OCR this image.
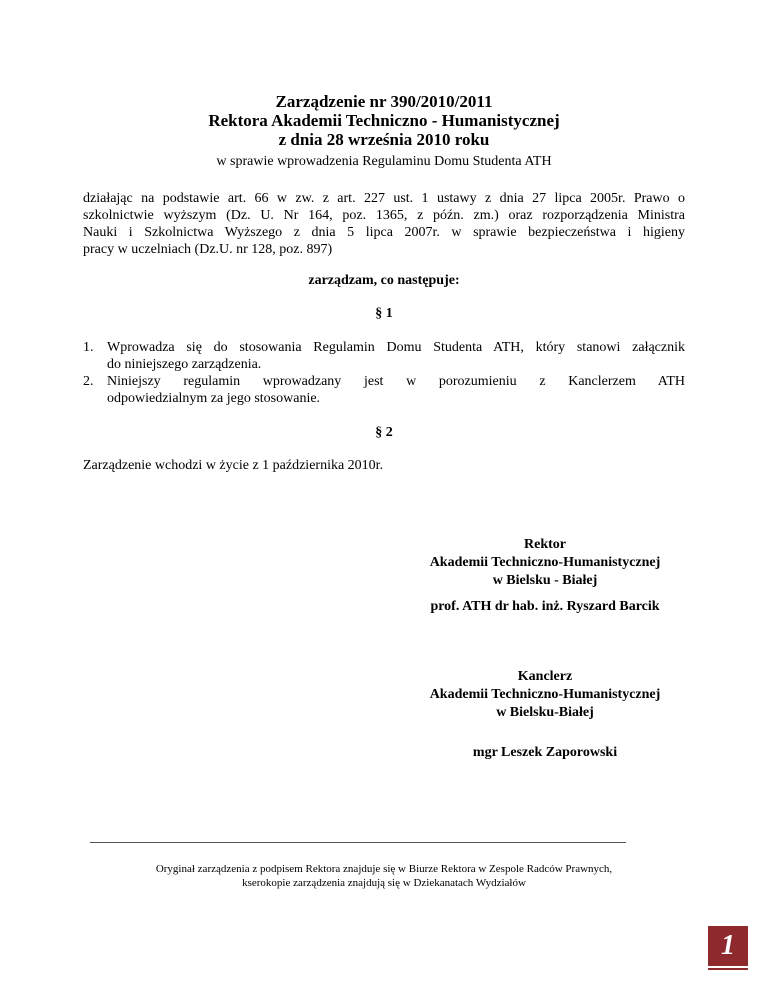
Zarządzenie nr 390/2010/2011
Rektora Akademii Techniczno - Humanistycznej
z dnia 28 września 2010 roku
w sprawie wprowadzenia Regulaminu Domu Studenta ATH
działając na podstawie art. 66 w zw. z art. 227 ust. 1 ustawy z dnia 27 lipca 2005r. Prawo o
szkolnictwie wyższym (Dz. U. Nr 164, poz. 1365, z późn. zm.) oraz rozporządzenia Ministra
Nauki i Szkolnictwa Wyższego z dnia 5 lipca 2007r. w sprawie bezpieczeństwa i higieny
pracy w uczelniach (Dz.U. nr 128, poz. 897)
zarządzam, co następuje:
§ 1
1. Wprowadza się do stosowania Regulamin Domu Studenta ATH, który stanowi załącznik
do niniejszego zarządzenia.
2. Niniejszy regulamin wprowadzany jest w porozumieniu z Kanclerzem ATH
odpowiedzialnym za jego stosowanie.
§ 2
Zarządzenie wchodzi w życie z 1 października 2010r.
Rektor
Akademii Techniczno-Humanistycznej
w Bielsku - Białej
prof. ATH dr hab. inż. Ryszard Barcik
Kanclerz
Akademii Techniczno-Humanistycznej
w Bielsku-Białej
mgr Leszek Zaporowski
Oryginał zarządzenia z podpisem Rektora znajduje się w Biurze Rektora w Zespole Radców Prawnych,
kserokopie zarządzenia znajdują się w Dziekanatach Wydziałów
1
